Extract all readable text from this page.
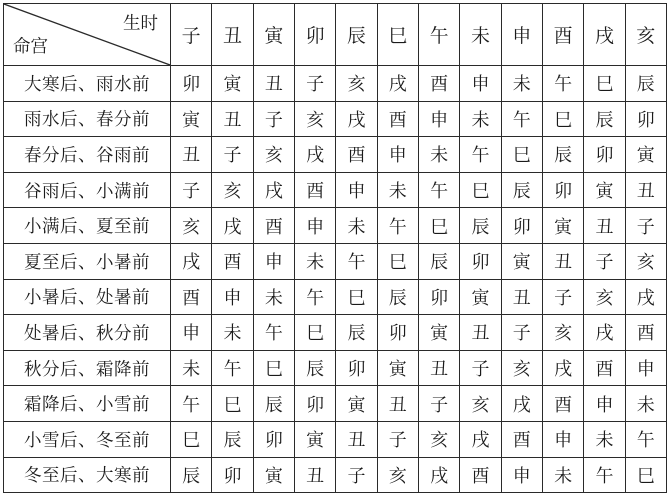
生时
命宫	子	丑	寅	卯	辰	巳	午	未	申	酉	戌	亥
大寒后、雨水前	卯	寅	丑	子	亥	戌	酉	申	未	午	巳	辰
雨水后、春分前	寅	丑	子	亥	戌	酉	申	未	午	巳	辰	卯
春分后、谷雨前	丑	子	亥	戌	酉	申	未	午	巳	辰	卯	寅
谷雨后、小满前	子	亥	戌	酉	申	未	午	巳	辰	卯	寅	丑
小满后、夏至前	亥	戌	酉	申	未	午	巳	辰	卯	寅	丑	子
夏至后、小暑前	戌	酉	申	未	午	巳	辰	卯	寅	丑	子	亥
小暑后、处暑前	酉	申	未	午	巳	辰	卯	寅	丑	子	亥	戌
处暑后、秋分前	申	未	午	巳	辰	卯	寅	丑	子	亥	戌	酉
秋分后、霜降前	未	午	巳	辰	卯	寅	丑	子	亥	戌	酉	申
霜降后、小雪前	午	巳	辰	卯	寅	丑	子	亥	戌	酉	申	未
小雪后、冬至前	巳	辰	卯	寅	丑	子	亥	戌	酉	申	未	午
冬至后、大寒前	辰	卯	寅	丑	子	亥	戌	酉	申	未	午	巳
